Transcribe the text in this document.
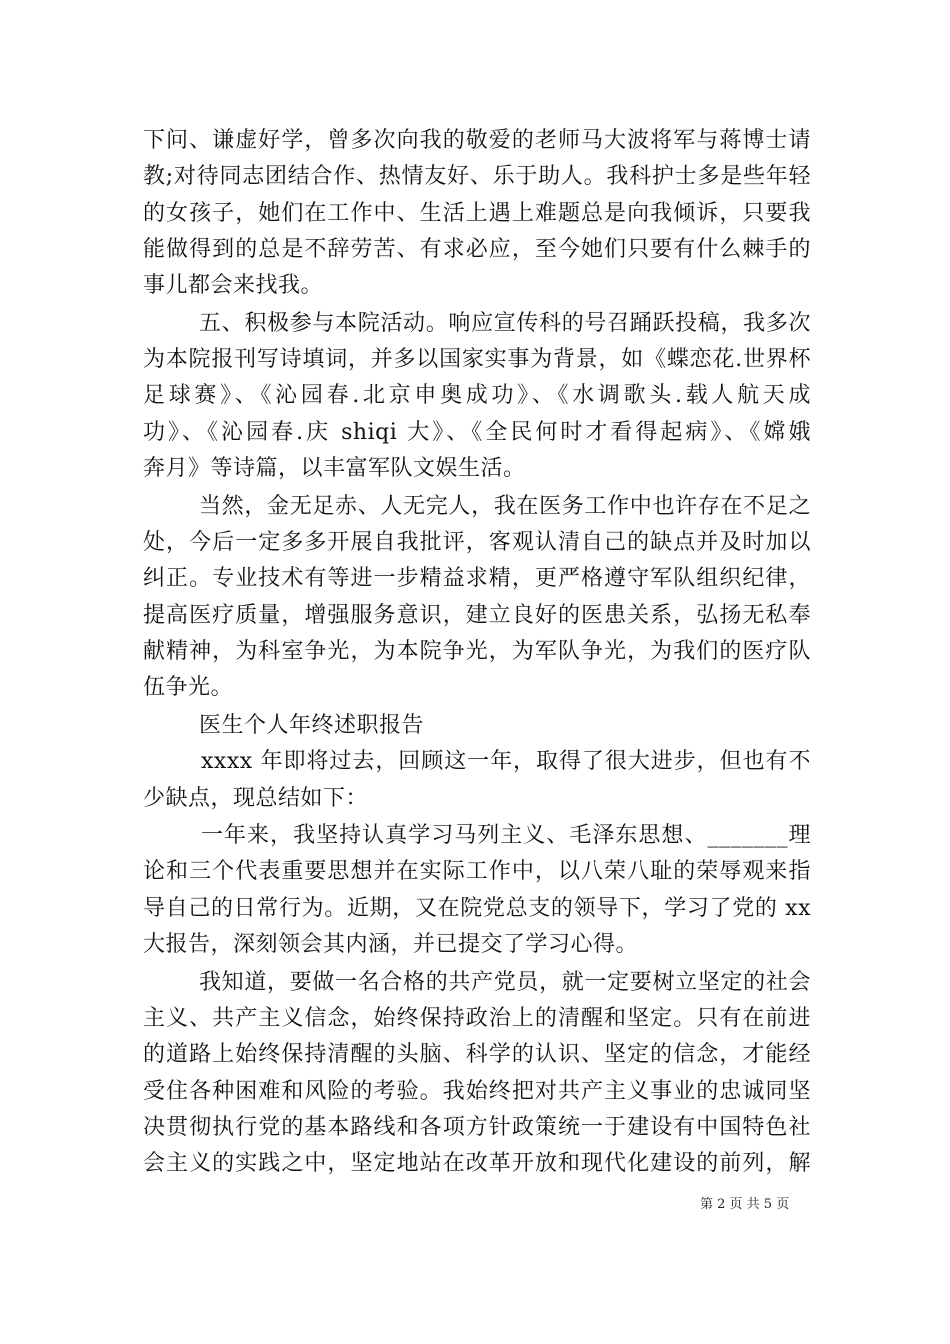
下问、谦虚好学，曾多次向我的敬爱的老师马大波将军与蒋博士请
教;对待同志团结合作、热情友好、乐于助人。我科护士多是些年轻
的女孩子，她们在工作中、生活上遇上难题总是向我倾诉，只要我
能做得到的总是不辞劳苦、有求必应，至今她们只要有什么棘手的
事儿都会来找我。
五、积极参与本院活动。响应宣传科的号召踊跃投稿，我多次
为本院报刊写诗填词，并多以国家实事为背景，如《蝶恋花.世界杯
足球赛》、《沁园春.北京申奥成功》、《水调歌头.载人航天成
功》、《沁园春.庆 shiqi 大》、《全民何时才看得起病》、《嫦娥
奔月》等诗篇，以丰富军队文娱生活。
当然，金无足赤、人无完人，我在医务工作中也许存在不足之
处，今后一定多多开展自我批评，客观认清自己的缺点并及时加以
纠正。专业技术有等进一步精益求精，更严格遵守军队组织纪律，
提高医疗质量，增强服务意识，建立良好的医患关系，弘扬无私奉
献精神，为科室争光，为本院争光，为军队争光，为我们的医疗队
伍争光。
医生个人年终述职报告
xxxx 年即将过去，回顾这一年，取得了很大进步，但也有不
少缺点，现总结如下：
一年来，我坚持认真学习马列主义、毛泽东思想、_______理
论和三个代表重要思想并在实际工作中，以八荣八耻的荣辱观来指
导自己的日常行为。近期，又在院党总支的领导下，学习了党的 xx
大报告，深刻领会其内涵，并已提交了学习心得。
我知道，要做一名合格的共产党员，就一定要树立坚定的社会
主义、共产主义信念，始终保持政治上的清醒和坚定。只有在前进
的道路上始终保持清醒的头脑、科学的认识、坚定的信念，才能经
受住各种困难和风险的考验。我始终把对共产主义事业的忠诚同坚
决贯彻执行党的基本路线和各项方针政策统一于建设有中国特色社
会主义的实践之中，坚定地站在改革开放和现代化建设的前列，解
第 2 页 共 5 页
